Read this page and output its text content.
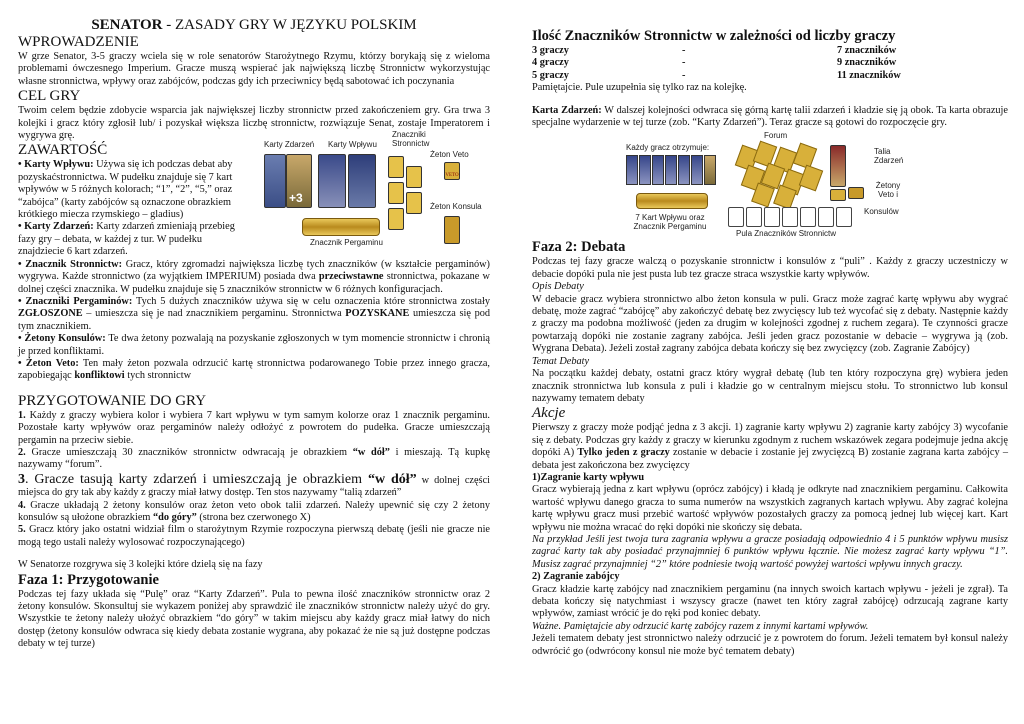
SENATOR - ZASADY GRY W JĘZYKU POLSKIM
WPROWADZENIE

W grze Senator, 3-5 graczy wciela się w role senatorów Starożytnego Rzymu, którzy borykają się z wieloma problemami ówczesnego Imperium. Gracze muszą wspierać jak największą liczbę Stronnictw wykorzystując własne stronnictwa, wpływy oraz zabójców, podczas gdy ich przeciwnicy będą sabotować ich poczynania

CEL GRY

Twoim celem będzie zdobycie wsparcia jak największej liczby stronnictw przed zakończeniem gry. Gra trwa 3 kolejki i gracz który zgłosił lub/ i pozyskał większa liczbę stronnictw, rozwiązuje Senat, zostaje Imperatorem i wygrywa grę.

ZAWARTOŚĆ

• Karty Wpływu: Używa się ich podczas debat aby pozyskaćstronnictwa. W pudełku znajduje się 7 kart wpływów w 5 różnych kolorach; “1”, “2”, “5,” oraz “zabójca” (karty zabójców są oznaczone obrazkiem krótkiego miecza rzymskiego – gladius)

• Karty Zdarzeń: Karty zdarzeń zmieniają przebieg fazy gry – debata, w każdej z tur. W pudełku znajdziecie 6 kart zdarzeń.

Karty Zdarzeń Karty Wpływu
Znaczniki Stronnictw
Żeton Veto
Żeton Konsula
+3
VETO
Znacznik Pergaminu

• Znacznik Stronnictw: Gracz, który zgromadzi największa liczbę tych znaczników (w kształcie pergaminów) wygrywa. Każde stronnictwo (za wyjątkiem IMPERIUM) posiada dwa przeciwstawne stronnictwa, pokazane w dolnej części znacznika. W pudełku znajduje się 5 znaczników stronnictw w 6 różnych konfiguracjach.

• Znaczniki Pergaminów: Tych 5 dużych znaczników używa się w celu oznaczenia które stronnictwa zostały ZGŁOSZONE – umieszcza się je nad znacznikiem pergaminu. Stronnictwa POZYSKANE umieszcza się pod tym znacznikiem.

• Żetony Konsulów: Te dwa żetony pozwalają na pozyskanie zgłoszonych w tym momencie stronnictw i chronią je przed konfliktami.

• Żeton Veto: Ten mały żeton pozwala odrzucić kartę stronnictwa podarowanego Tobie przez innego gracza, zapobiegając konfliktowi tych stronnictw

PRZYGOTOWANIE DO GRY

1. Każdy z graczy wybiera kolor i wybiera 7 kart wpływu w tym samym kolorze oraz 1 znacznik pergaminu. Pozostałe karty wpływów oraz pergaminów należy odłożyć z powrotem do pudełka. Gracze umieszczają pergamin na przeciw siebie.

2. Gracze umieszczają 30 znaczników stronnictw odwracają je obrazkiem “w dół” i mieszają. Tą kupkę nazywamy “forum”.

3. Gracze tasują karty zdarzeń i umieszczają je obrazkiem “w dół” w dolnej części miejsca do gry tak aby każdy z graczy miał łatwy dostęp. Ten stos nazywamy “talią zdarzeń”

4. Gracze układają 2 żetony konsulów oraz żeton veto obok talii zdarzeń. Należy upewnić się czy 2 żetony konsulów są ułożone obrazkiem “do góry” (strona bez czerwonego X)

5. Gracz który jako ostatni widział film o starożytnym Rzymie rozpoczyna pierwszą debatę (jeśli nie gracze nie mogą tego ustali należy wylosować rozpoczynającego)

W Senatorze rozgrywa się 3 kolejki które dzielą się na fazy

Faza 1: Przygotowanie

Podczas tej fazy układa się “Pulę” oraz “Karty Zdarzeń”. Pula to pewna ilość znaczników stronnictw oraz 2 żetony konsulów. Skonsultuj sie wykazem poniżej aby sprawdzić ile znaczników stronnictw należy użyć do gry. Wszystkie te żetony należy ułożyć obrazkiem “do góry” w takim miejscu aby każdy gracz miał łatwy do nich dostęp (żetony konsulów odwraca się kiedy debata zostanie wygrana, aby pokazać że nie są już dostępne podczas debaty w tej turze)

Ilość Znaczników Stronnictw w zależności od liczby graczy
3 graczy	-	7 znaczników
4 graczy	-	9 znaczników
5 graczy	-	11 znaczników

Pamiętajcie. Pule uzupełnia się tylko raz na kolejkę.

Karta Zdarzeń: W dalszej kolejności odwraca się górną kartę talii zdarzeń i kładzie się ją obok. Ta karta obrazuje specjalne wydarzenie w tej turze (zob. “Karty Zdarzeń”). Teraz gracze są gotowi do rozpoczęcie gry.

Forum
Każdy gracz otrzymuje:	Talia Zdarzeń
Żetony Veto i
Konsulów
7 Kart Wpływu oraz Znacznik Pergaminu
Pula Znaczników Stronnictw
Faza 2: Debata

Podczas tej fazy gracze walczą o pozyskanie stronnictw i konsulów z “puli” . Każdy z graczy uczestniczy w debacie dopóki pula nie jest pusta lub tez gracze straca wszystkie karty wpływów.

Opis Debaty

W debacie gracz wybiera stronnictwo albo żeton konsula w puli. Gracz może zagrać kartę wpływu aby wygrać debatę, może zagrać “zabójcę” aby zakończyć debatę bez zwycięscy lub też wycofać się z debaty. Następnie każdy z graczy ma podobna możliwość (jeden za drugim w kolejności zgodnej z ruchem zegara). Te czynności gracze powtarzają dopóki nie zostanie zagrany zabójca. Jeśli jeden gracz pozostanie w debacie – wygrywa ją (zob. Wygrana Debata). Jeżeli został zagrany zabójca debata kończy się bez zwycięzcy (zob. Zagranie Zabójcy)

Temat Debaty

Na początku każdej debaty, ostatni gracz który wygrał debatę (lub ten który rozpoczyna grę) wybiera jeden znacznik stronnictwa lub konsula z puli i kładzie go w centralnym miejscu stołu. To stronnictwo lub konsul nazywamy tematem debaty

Akcje

Pierwszy z graczy może podjąć jedna z 3 akcji. 1) zagranie karty wpływu 2) zagranie karty zabójcy 3) wycofanie się z debaty. Podczas gry każdy z graczy w kierunku zgodnym z ruchem wskazówek zegara podejmuje jedna akcję dopóki A) Tylko jeden z graczy zostanie w debacie i zostanie jej zwycięzcą B) zostanie zagrana karta zabójcy – debata jest zakończona bez zwycięzcy

1)Zagranie karty wpływu

Gracz wybierają jedna z kart wpływu (oprócz zabójcy) i kładą je odkryte nad znacznikiem pergaminu. Całkowita wartość wpływu danego gracza to suma numerów na wszystkich zagranych kartach wpływu. Aby zagrać kolejna kartę wpływu gracz musi przebić wartość wpływów pozostałych graczy za pomocą jednej lub więcej kart. Kart wpływu nie można wracać do ręki dopóki nie skończy się debata.

Na przykład Jeśli jest twoja tura zagrania wpływu a gracze posiadają odpowiednio 4 i 5 punktów wpływu musisz zagrać karty tak aby posiadać przynajmniej 6 punktów wpływu łącznie. Nie możesz zagrać karty wpływu “1”. Musisz zagrać przynajmniej “2” które podniesie twoją wartość powyżej wartości wpływu innych graczy.

2) Zagranie zabójcy

Gracz kładzie kartę zabójcy nad znacznikiem pergaminu (na innych swoich kartach wpływu - jeżeli je zgrał). Ta debata kończy się natychmiast i wszyscy gracze (nawet ten który zagrał zabójcę) odrzucają zagrane karty wpływów, zamiast wrócić je do ręki pod koniec debaty.

Ważne. Pamiętajcie aby odrzucić kartę zabójcy razem z innymi kartami wpływów.

Jeżeli tematem debaty jest stronnictwo należy odrzucić je z powrotem do forum. Jeżeli tematem był konsul należy odwrócić go (odwrócony konsul nie może być tematem debaty)
